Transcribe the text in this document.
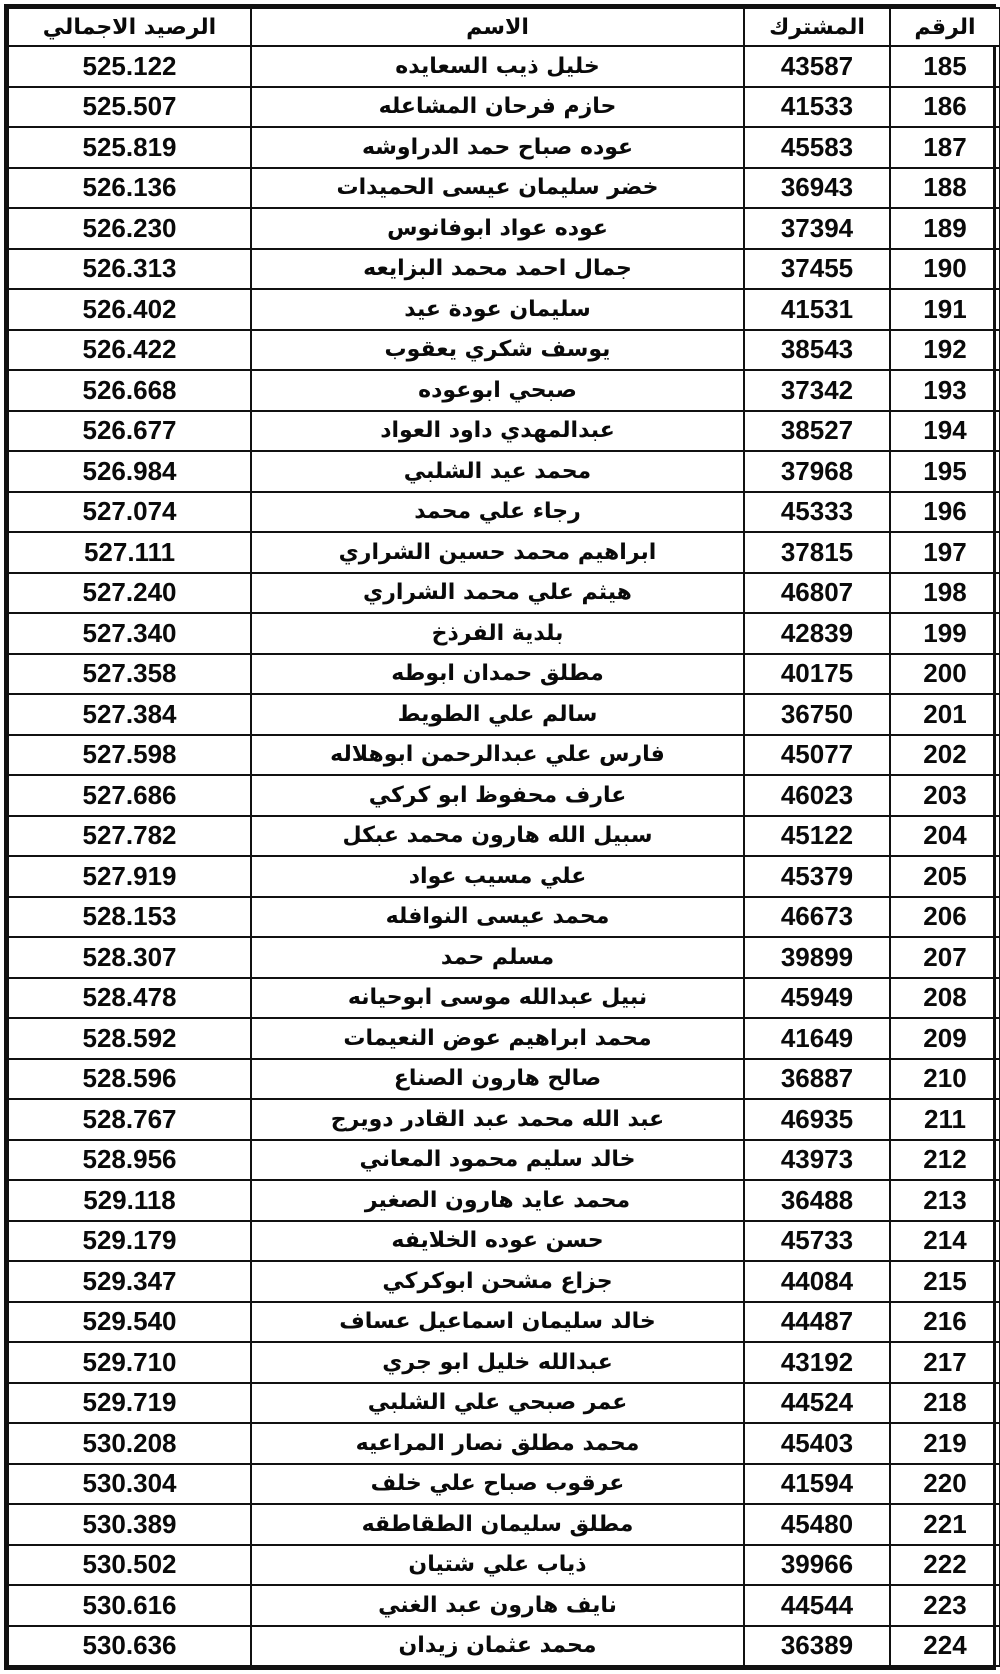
الرقم	المشترك	الاسم	الرصيد الاجمالي
185	43587	خليل ذيب السعايده	525.122
186	41533	حازم فرحان المشاعله	525.507
187	45583	عوده صباح حمد الدراوشه	525.819
188	36943	خضر سليمان عيسى الحميدات	526.136
189	37394	عوده عواد ابوفانوس	526.230
190	37455	جمال احمد محمد البزايعه	526.313
191	41531	سليمان عودة عيد	526.402
192	38543	يوسف شكري يعقوب	526.422
193	37342	صبحي ابوعوده	526.668
194	38527	عبدالمهدي داود العواد	526.677
195	37968	محمد عيد الشلبي	526.984
196	45333	رجاء علي محمد	527.074
197	37815	ابراهيم محمد حسين الشراري	527.111
198	46807	هيثم علي محمد الشراري	527.240
199	42839	بلدية الفرذخ	527.340
200	40175	مطلق حمدان ابوطه	527.358
201	36750	سالم علي الطويط	527.384
202	45077	فارس علي عبدالرحمن ابوهلاله	527.598
203	46023	عارف محفوظ ابو كركي	527.686
204	45122	سبيل الله هارون محمد عبكل	527.782
205	45379	علي مسيب عواد	527.919
206	46673	محمد عيسى النوافله	528.153
207	39899	مسلم حمد	528.307
208	45949	نبيل عبدالله موسى ابوحيانه	528.478
209	41649	محمد ابراهيم عوض النعيمات	528.592
210	36887	صالح هارون الصناع	528.596
211	46935	عبد الله محمد عبد القادر دويرج	528.767
212	43973	خالد سليم محمود المعاني	528.956
213	36488	محمد عايد هارون الصغير	529.118
214	45733	حسن عوده الخلايفه	529.179
215	44084	جزاع مشحن ابوكركي	529.347
216	44487	خالد سليمان اسماعيل عساف	529.540
217	43192	عبدالله خليل ابو جري	529.710
218	44524	عمر صبحي علي الشلبي	529.719
219	45403	محمد مطلق نصار المراعيه	530.208
220	41594	عرقوب صباح علي خلف	530.304
221	45480	مطلق سليمان الطقاطقه	530.389
222	39966	ذياب علي شتيان	530.502
223	44544	نايف هارون عبد الغني	530.616
224	36389	محمد عثمان زيدان	530.636
